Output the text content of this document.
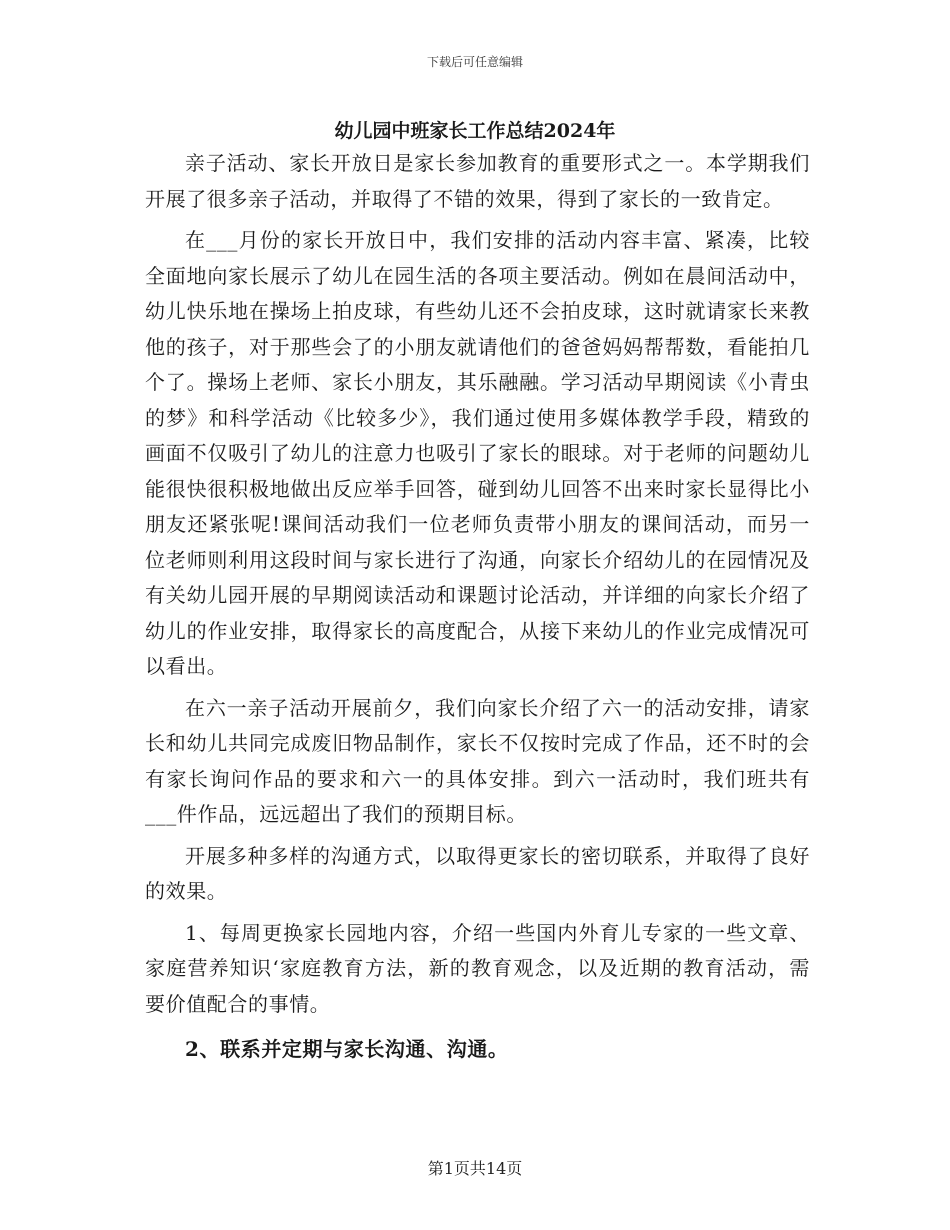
下载后可任意编辑
幼儿园中班家长工作总结2024年

亲子活动、家长开放日是家长参加教育的重要形式之一。本学期我们开展了很多亲子活动，并取得了不错的效果，得到了家长的一致肯定。

在___月份的家长开放日中，我们安排的活动内容丰富、紧凑，比较全面地向家长展示了幼儿在园生活的各项主要活动。例如在晨间活动中，幼儿快乐地在操场上拍皮球，有些幼儿还不会拍皮球，这时就请家长来教他的孩子，对于那些会了的小朋友就请他们的爸爸妈妈帮帮数，看能拍几个了。操场上老师、家长小朋友，其乐融融。学习活动早期阅读《小青虫的梦》和科学活动《比较多少》，我们通过使用多媒体教学手段，精致的画面不仅吸引了幼儿的注意力也吸引了家长的眼球。对于老师的问题幼儿能很快很积极地做出反应举手回答，碰到幼儿回答不出来时家长显得比小朋友还紧张呢!课间活动我们一位老师负责带小朋友的课间活动，而另一位老师则利用这段时间与家长进行了沟通，向家长介绍幼儿的在园情况及有关幼儿园开展的早期阅读活动和课题讨论活动，并详细的向家长介绍了幼儿的作业安排，取得家长的高度配合，从接下来幼儿的作业完成情况可以看出。

在六一亲子活动开展前夕，我们向家长介绍了六一的活动安排，请家长和幼儿共同完成废旧物品制作，家长不仅按时完成了作品，还不时的会有家长询问作品的要求和六一的具体安排。到六一活动时，我们班共有___件作品，远远超出了我们的预期目标。

开展多种多样的沟通方式，以取得更家长的密切联系，并取得了良好的效果。

1、每周更换家长园地内容，介绍一些国内外育儿专家的一些文章、家庭营养知识‘家庭教育方法，新的教育观念，以及近期的教育活动，需要价值配合的事情。

2、联系并定期与家长沟通、沟通。

第1页共14页
